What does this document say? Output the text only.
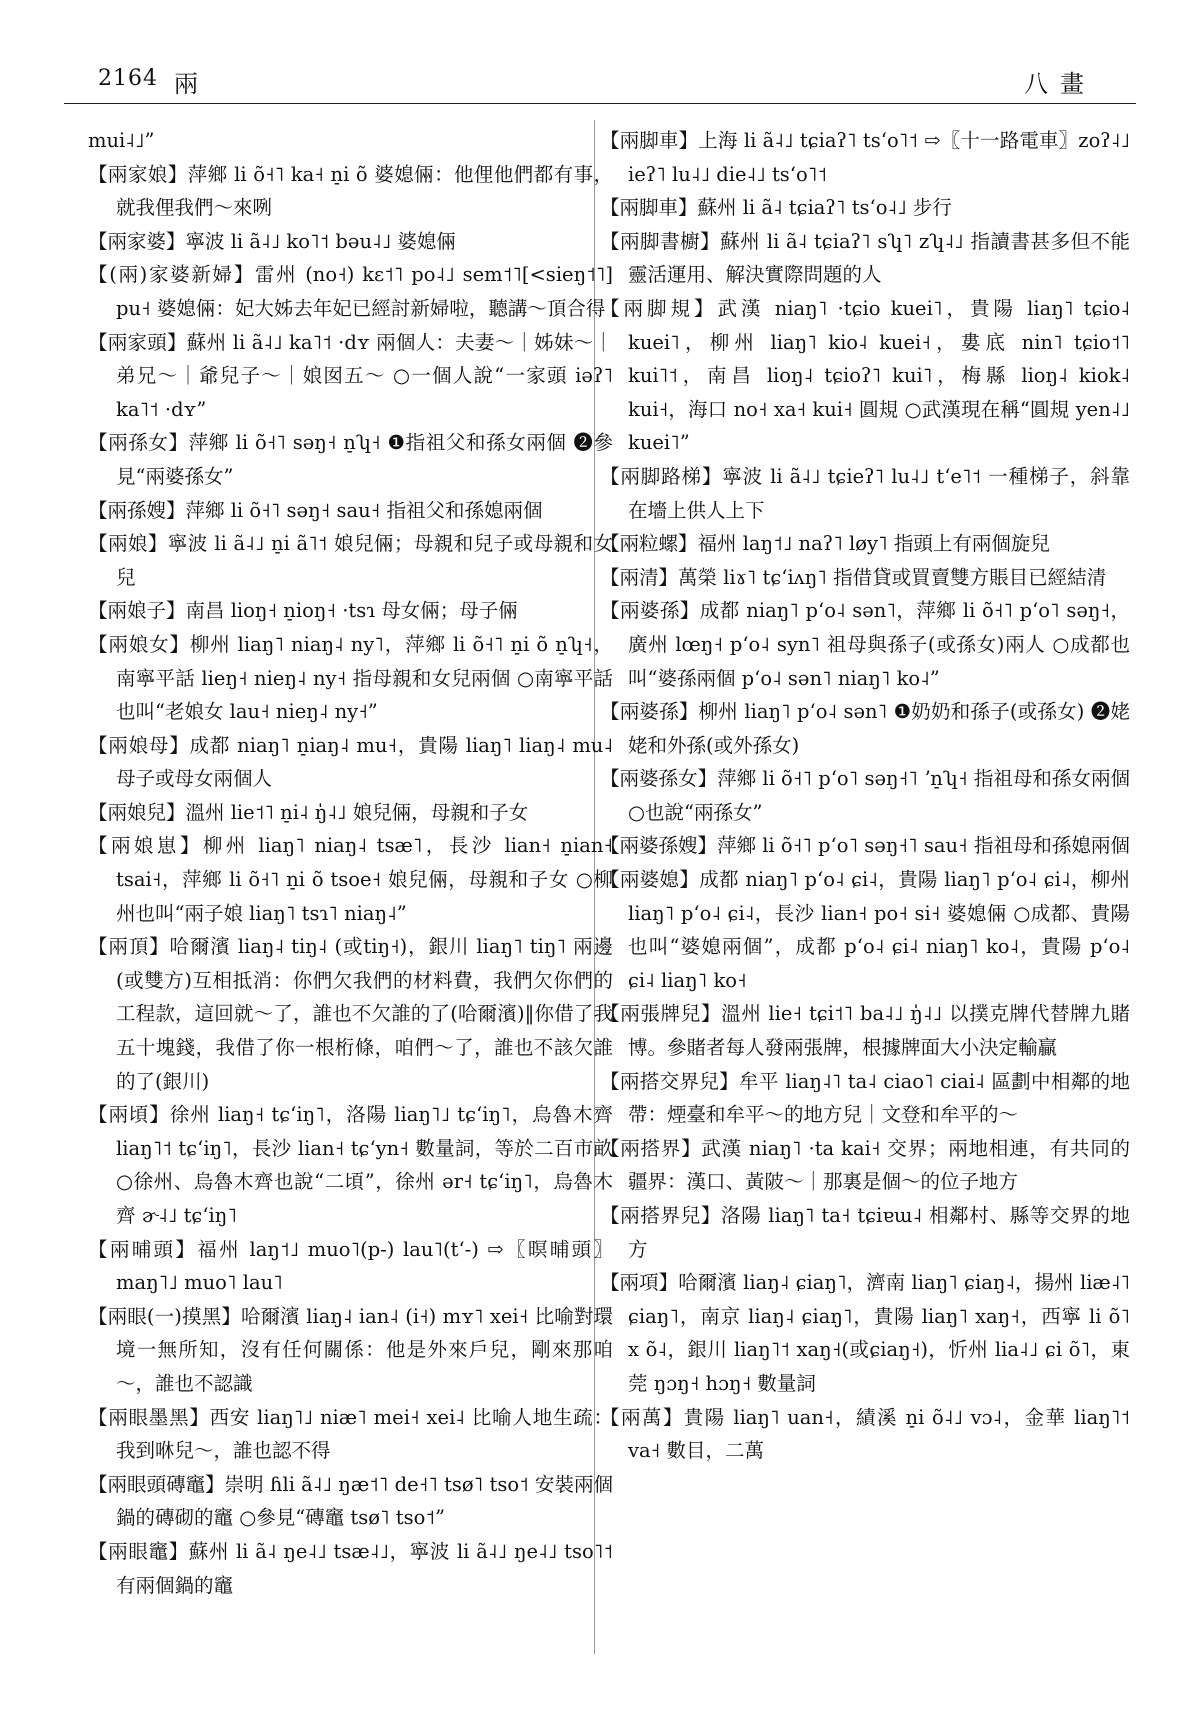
2164 兩	八畫

mui˨˩”

【兩家娘】萍鄉 li õ˧˥ ka˧ n̠i õ 婆媳倆：他俚他們都有事，就我俚我們～來咧

【兩家婆】寧波 li ã˨˩ ko˥˦ bəu˨˩ 婆媳倆

【(兩)家婆新婦】雷州 (no˧) kɛ˦˥ po˨˩ sem˦˥[<sieŋ˦˥] pu˧ 婆媳倆：妃大姊去年妃已經討新婦啦，聽講～頂合得

【兩家頭】蘇州 li ã˨˩ ka˥˦ ·dʏ 兩個人：夫妻～｜姊妹～｜弟兄～｜爺兒子～｜娘囡五～ ○一個人說“一家頭 iəʔ˥ ka˥˦ ·dʏ”

【兩孫女】萍鄉 li õ˧˥ səŋ˧ n̠ʮ˧ ❶指祖父和孫女兩個 ❷參見“兩婆孫女”

【兩孫嫂】萍鄉 li õ˧˥ səŋ˧ sau˧ 指祖父和孫媳兩個

【兩娘】寧波 li ã˨˩ n̠i ã˥˦ 娘兒倆；母親和兒子或母親和女兒

【兩娘子】南昌 lioŋ˧ n̠ioŋ˧ ·tsɿ 母女倆；母子倆

【兩娘女】柳州 liaŋ˥ niaŋ˨ ny˥，萍鄉 li õ˧˥ n̠i õ n̠ʮ˧，南寧平話 lieŋ˧ nieŋ˨ ny˧ 指母親和女兒兩個 ○南寧平話也叫“老娘女 lau˧ nieŋ˨ ny˧”

【兩娘母】成都 niaŋ˥ n̠iaŋ˨ mu˧，貴陽 liaŋ˥ liaŋ˨ mu˨ 母子或母女兩個人

【兩娘兒】溫州 lie˦˥ n̠i˨ ŋ̍˨˩ 娘兒倆，母親和子女

【兩娘崽】柳州 liaŋ˥ niaŋ˨ tsæ˥，長沙 lian˧ n̠ian˧ tsai˧，萍鄉 li õ˧˥ n̠i õ tsoe˧ 娘兒倆，母親和子女 ○柳州也叫“兩子娘 liaŋ˥ tsɿ˥ niaŋ˨”

【兩頂】哈爾濱 liaŋ˨ tiŋ˨ (或tiŋ˧)，銀川 liaŋ˥ tiŋ˥ 兩邊(或雙方)互相抵消：你們欠我們的材料費，我們欠你們的工程款，這回就～了，誰也不欠誰的了(哈爾濱)‖你借了我五十塊錢，我借了你一根桁條，咱們～了，誰也不該欠誰的了(銀川)

【兩頃】徐州 liaŋ˧ tɕʻiŋ˥，洛陽 liaŋ˥˩ tɕʻiŋ˥，烏魯木齊 liaŋ˥˦ tɕʻiŋ˥，長沙 lian˧ tɕʻyn˧ 數量詞，等於二百市畝 ○徐州、烏魯木齊也說“二頃”，徐州 ər˧ tɕʻiŋ˥，烏魯木齊 ɚ˨˩ tɕʻiŋ˥

【兩晡頭】福州 laŋ˦˩ muo˥(p-) lau˥(tʻ-) ⇨〖暝晡頭〗maŋ˥˩ muo˥ lau˥

【兩眼(一)摸黑】哈爾濱 liaŋ˨ ian˨ (i˧) mʏ˥ xei˧ 比喻對環境一無所知，沒有任何關係：他是外來戶兒，剛來那咱～，誰也不認識

【兩眼墨黑】西安 liaŋ˥˩ niæ˥ mei˧ xei˨ 比喻人地生疏：我到咻兒～，誰也認不得

【兩眼頭磚竈】崇明 ɦli ã˨˩ ŋæ˦˥ de˧˥ tsø˥ tso˦ 安裝兩個鍋的磚砌的竈 ○參見“磚竈 tsø˥ tso˦”

【兩眼竈】蘇州 li ã˨ ŋe˨˩ tsæ˨˩，寧波 li ã˨˩ ŋe˨˩ tso˥˦ 有兩個鍋的竈

【兩脚車】上海 li ã˨˩ tɕiaʔ˥ tsʻo˥˦ ⇨〖十一路電車〗zoʔ˨˩ ieʔ˥ lu˨˩ die˨˩ tsʻo˥˦

【兩脚車】蘇州 li ã˨ tɕiaʔ˥ tsʻo˨˩ 步行

【兩脚書櫥】蘇州 li ã˨ tɕiaʔ˥ sʮ˥ zʮ˨˩ 指讀書甚多但不能靈活運用、解決實際問題的人

【兩脚規】武漢 niaŋ˥ ·tɕio kuei˥，貴陽 liaŋ˥ tɕio˨ kuei˥，柳州 liaŋ˥ kio˨ kuei˧，婁底 nin˥ tɕio˦˥ kui˥˦，南昌 lioŋ˨ tɕioʔ˥ kui˥，梅縣 lioŋ˨ kiok˨ kui˧，海口 no˧ xa˧ kui˧ 圓規 ○武漢現在稱“圓規 yen˨˩ kuei˥”

【兩脚路梯】寧波 li ã˨˩ tɕieʔ˥ lu˨˩ tʻe˥˦ 一種梯子，斜靠在墻上供人上下

【兩粒螺】福州 laŋ˦˩ naʔ˥ løy˥ 指頭上有兩個旋兒

【兩清】萬榮 liɤ˥ tɕʻiʌŋ˥ 指借貸或買賣雙方賬目已經結清

【兩婆孫】成都 niaŋ˥ pʻo˨ sən˥，萍鄉 li õ˧˥ pʻo˥ səŋ˧，廣州 lœŋ˧ pʻo˨ syn˥ 祖母與孫子(或孫女)兩人 ○成都也叫“婆孫兩個 pʻo˨ sən˥ niaŋ˥ ko˨”

【兩婆孫】柳州 liaŋ˥ pʻo˨ sən˥ ❶奶奶和孫子(或孫女) ❷姥姥和外孫(或外孫女)

【兩婆孫女】萍鄉 li õ˧˥ pʻo˥ səŋ˧˥ ʼn̠ʮ˧ 指祖母和孫女兩個 ○也說“兩孫女”

【兩婆孫嫂】萍鄉 li õ˧˥ pʻo˥ səŋ˧˥ sau˧ 指祖母和孫媳兩個

【兩婆媳】成都 niaŋ˥ pʻo˨ ɕi˨，貴陽 liaŋ˥ pʻo˨ ɕi˨，柳州 liaŋ˥ pʻo˨ ɕi˨，長沙 lian˧ po˧ si˧ 婆媳倆 ○成都、貴陽也叫“婆媳兩個”，成都 pʻo˨ ɕi˨ niaŋ˥ ko˨，貴陽 pʻo˨ ɕi˨ liaŋ˥ ko˧

【兩張牌兒】溫州 lie˧ tɕi˦˥ ba˨˩ ŋ̍˨˩ 以撲克牌代替牌九賭博。參賭者每人發兩張牌，根據牌面大小決定輸贏

【兩搭交界兒】牟平 liaŋ˨˥ ta˨ ciao˥ ciai˨ 區劃中相鄰的地帶：煙臺和牟平～的地方兒｜文登和牟平的～

【兩搭界】武漢 niaŋ˥ ·ta kai˧ 交界；兩地相連，有共同的疆界：漢口、黃陂～｜那裏是個～的位子地方

【兩搭界兒】洛陽 liaŋ˥ ta˧ tɕiɐɯ˨ 相鄰村、縣等交界的地方

【兩項】哈爾濱 liaŋ˨ ɕiaŋ˥，濟南 liaŋ˥ ɕiaŋ˨，揚州 liæ˨˥ ɕiaŋ˥，南京 liaŋ˨ ɕiaŋ˥，貴陽 liaŋ˥ xaŋ˧，西寧 li õ˥ x õ˨，銀川 liaŋ˥˦ xaŋ˧(或ɕiaŋ˧)，忻州 lia˨˩ ɕi õ˥，東莞 ŋɔŋ˧ hɔŋ˧ 數量詞

【兩萬】貴陽 liaŋ˥ uan˧，績溪 n̠i õ˨˩ vɔ˨，金華 liaŋ˥˦ va˧ 數目，二萬
